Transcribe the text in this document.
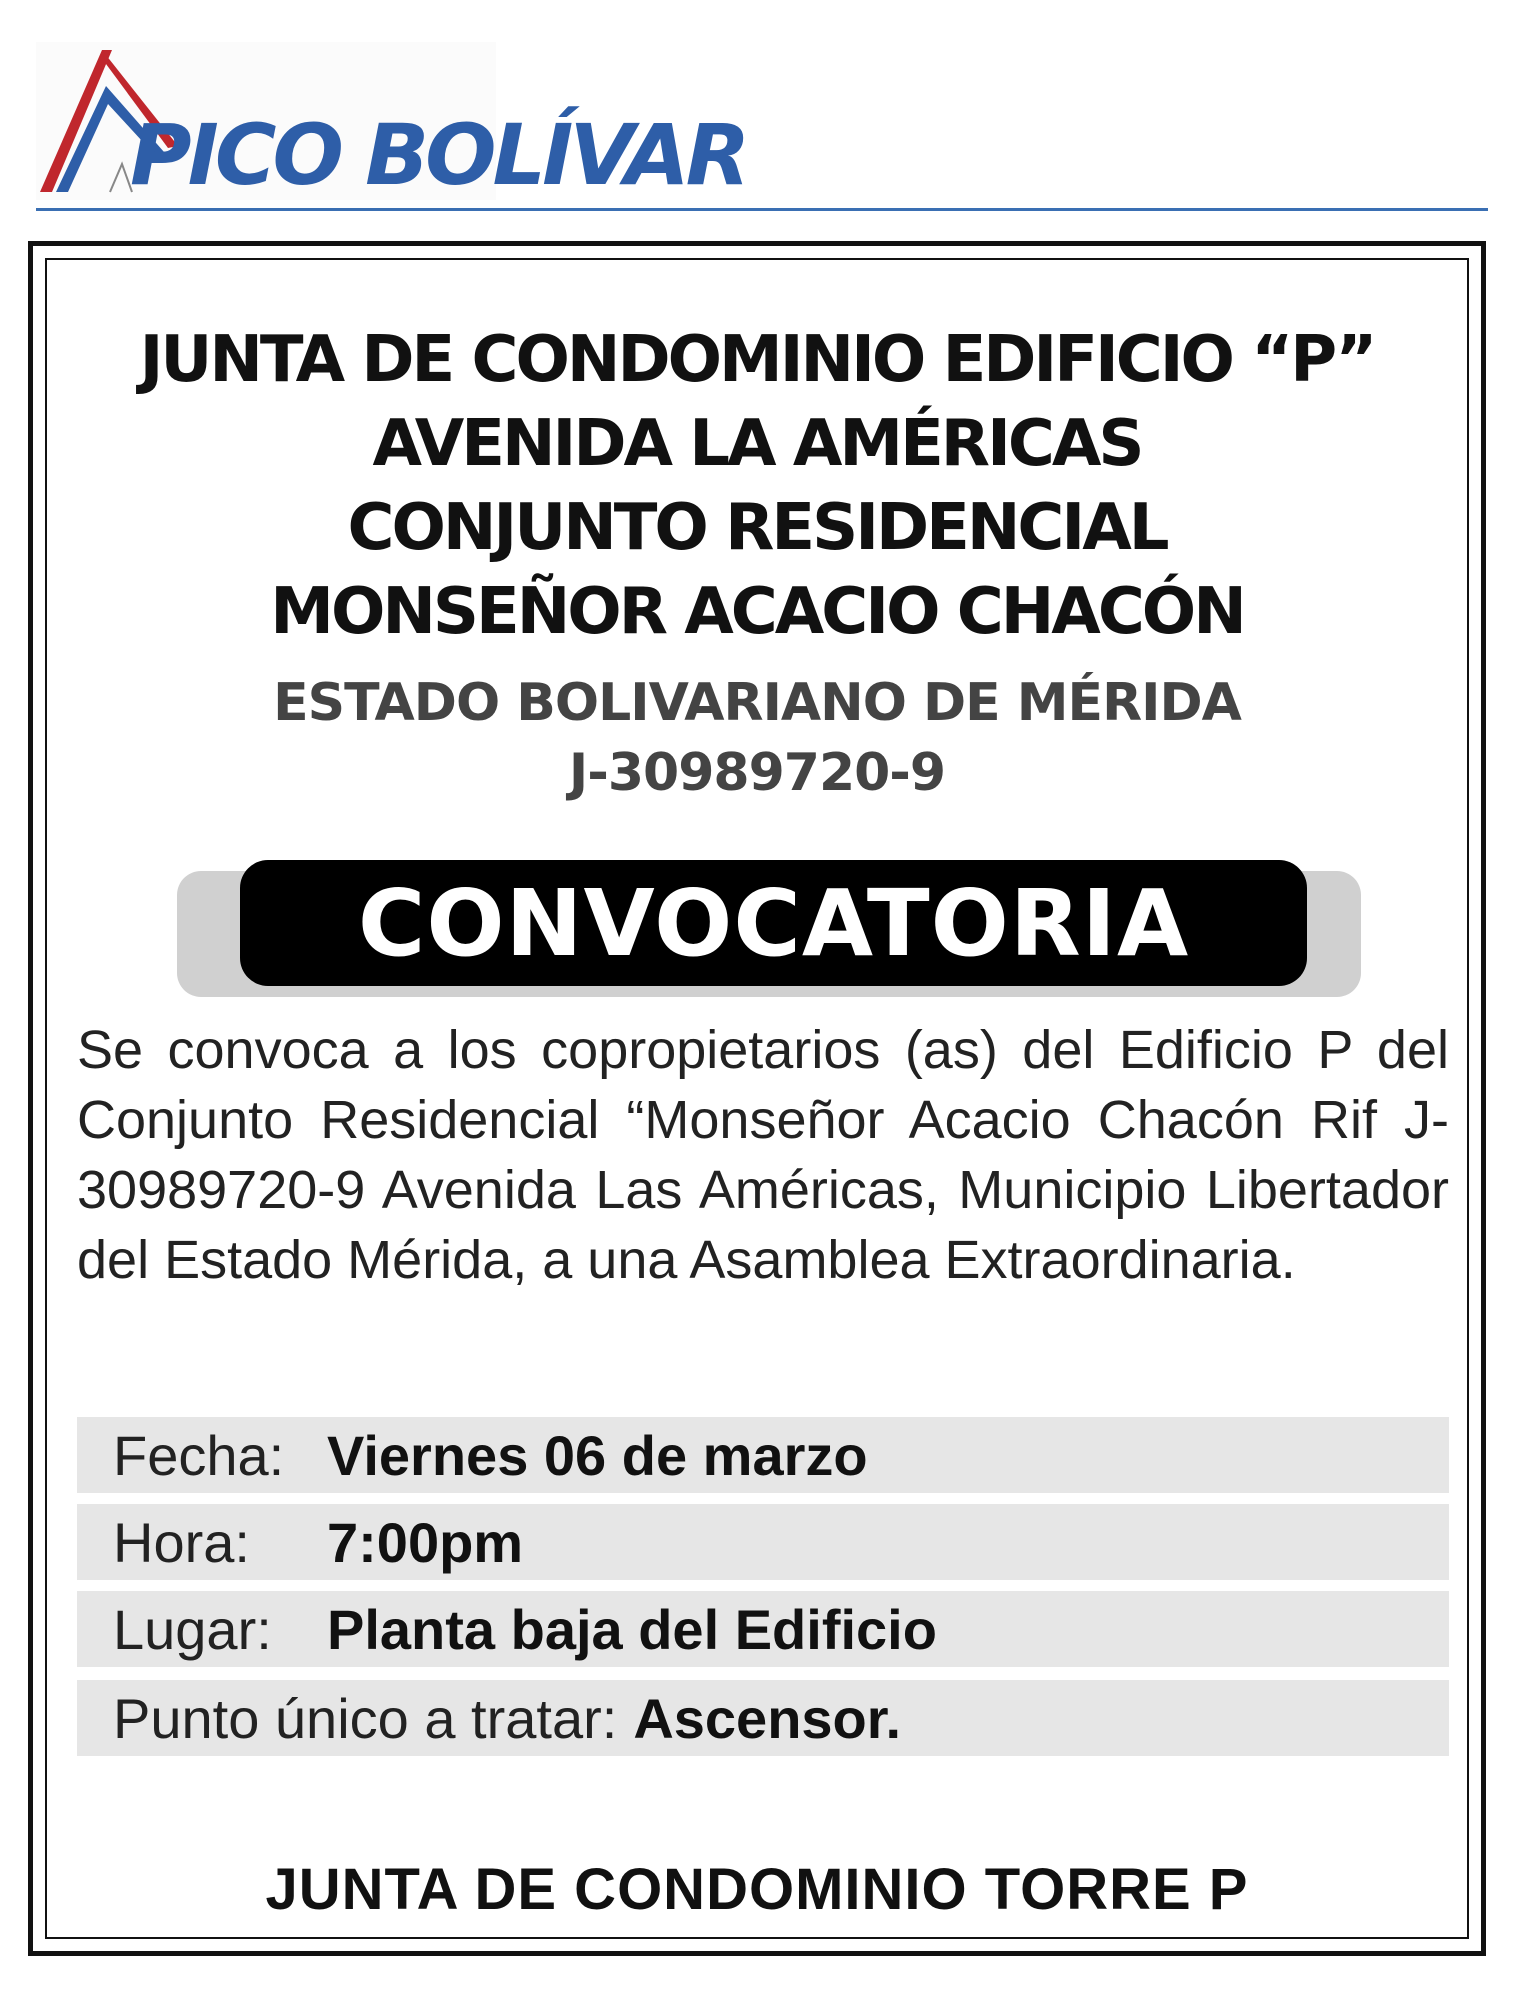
PICO BOLÍVAR
JUNTA DE CONDOMINIO EDIFICIO “P”
AVENIDA LA AMÉRICAS
CONJUNTO RESIDENCIAL
MONSEÑOR ACACIO CHACÓN
ESTADO BOLIVARIANO DE MÉRIDA
J-30989720-9
CONVOCATORIA
Se convoca a los copropietarios (as) del Edificio P del Conjunto Residencial “Monseñor Acacio Chacón Rif J-30989720-9 Avenida Las Américas, Municipio Libertador del Estado Mérida, a una Asamblea Extraordinaria.
Fecha: Viernes 06 de marzo
Hora:	7:00pm
Lugar: Planta baja del Edificio
Punto único a tratar: Ascensor.
JUNTA DE CONDOMINIO TORRE P
